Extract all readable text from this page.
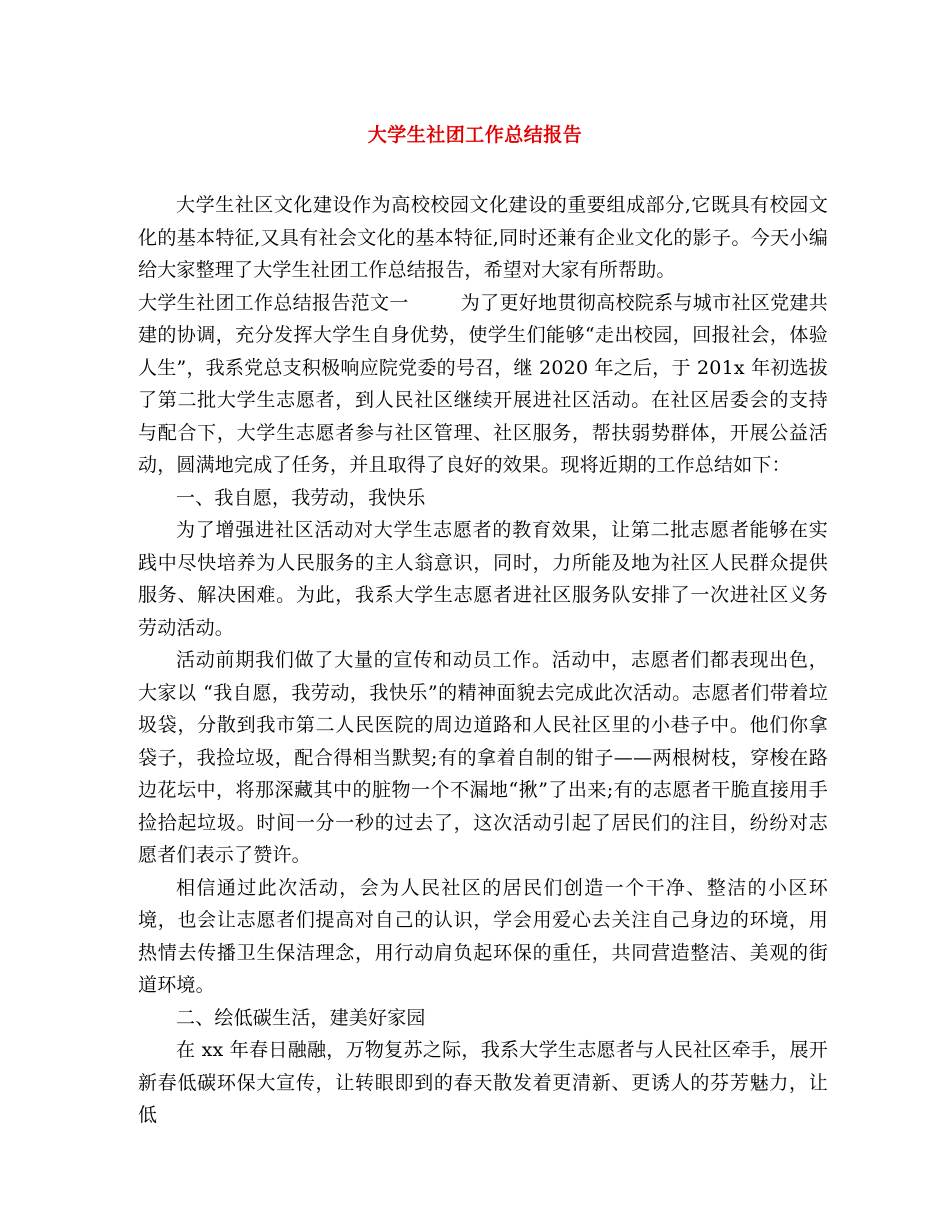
大学生社团工作总结报告

大学生社区文化建设作为高校校园文化建设的重要组成部分,它既具有校园文化的基本特征,又具有社会文化的基本特征,同时还兼有企业文化的影子。今天小编给大家整理了大学生社团工作总结报告，希望对大家有所帮助。

大学生社团工作总结报告范文一	为了更好地贯彻高校院系与城市社区党建共建的协调，充分发挥大学生自身优势，使学生们能够“走出校园，回报社会，体验人生”，我系党总支积极响应院党委的号召，继 2020 年之后，于 201x 年初选拔了第二批大学生志愿者，到人民社区继续开展进社区活动。在社区居委会的支持与配合下，大学生志愿者参与社区管理、社区服务，帮扶弱势群体，开展公益活动，圆满地完成了任务，并且取得了良好的效果。现将近期的工作总结如下：

一、我自愿，我劳动，我快乐

为了增强进社区活动对大学生志愿者的教育效果，让第二批志愿者能够在实践中尽快培养为人民服务的主人翁意识，同时，力所能及地为社区人民群众提供服务、解决困难。为此，我系大学生志愿者进社区服务队安排了一次进社区义务劳动活动。

活动前期我们做了大量的宣传和动员工作。活动中，志愿者们都表现出色，大家以 “我自愿，我劳动，我快乐”的精神面貌去完成此次活动。志愿者们带着垃圾袋，分散到我市第二人民医院的周边道路和人民社区里的小巷子中。他们你拿袋子，我捡垃圾，配合得相当默契;有的拿着自制的钳子——两根树枝，穿梭在路边花坛中，将那深藏其中的脏物一个不漏地“揪”了出来;有的志愿者干脆直接用手捡拾起垃圾。时间一分一秒的过去了，这次活动引起了居民们的注目，纷纷对志愿者们表示了赞许。

相信通过此次活动，会为人民社区的居民们创造一个干净、整洁的小区环境，也会让志愿者们提高对自己的认识，学会用爱心去关注自己身边的环境，用热情去传播卫生保洁理念，用行动肩负起环保的重任，共同营造整洁、美观的街道环境。

二、绘低碳生活，建美好家园

在 xx 年春日融融，万物复苏之际，我系大学生志愿者与人民社区牵手，展开新春低碳环保大宣传，让转眼即到的春天散发着更清新、更诱人的芬芳魅力，让低
